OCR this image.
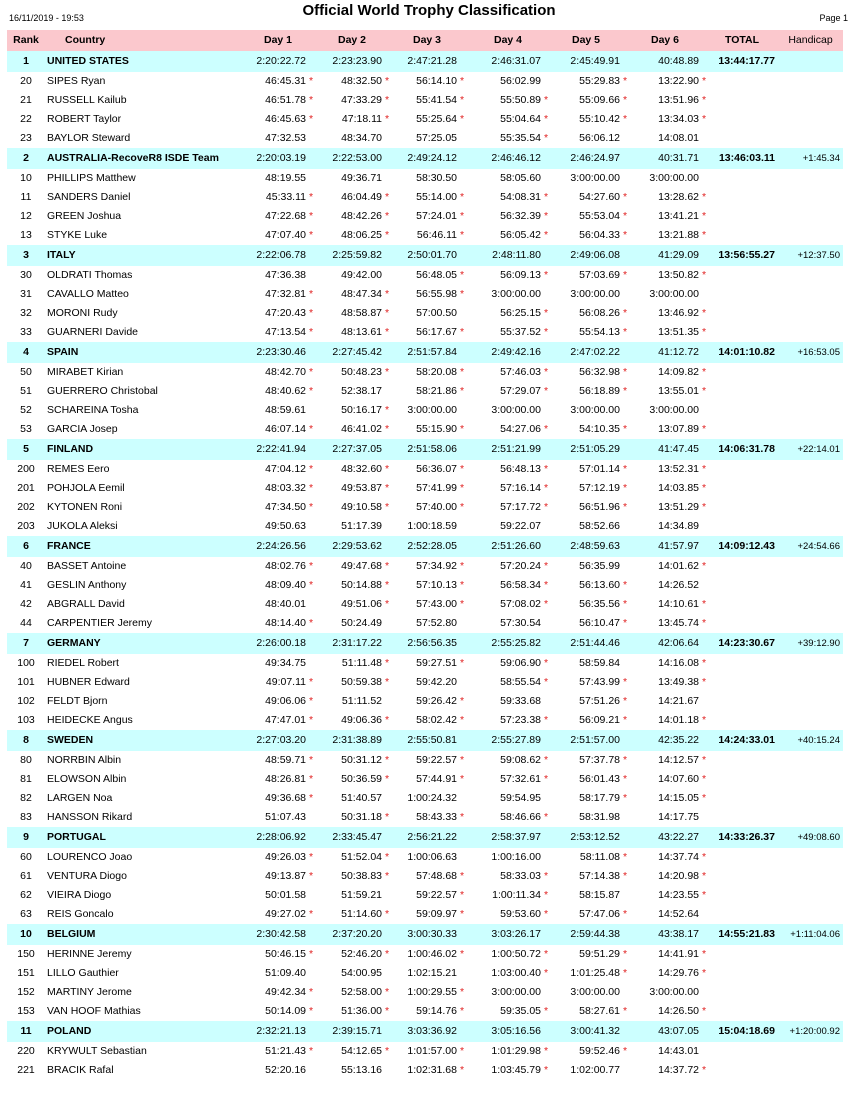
Official World Trophy Classification
16/11/2019 - 19:53	Page 1
Rank	Country	Day 1	Day 2	Day 3	Day 4	Day 5	Day 6	TOTAL	Handicap
1	UNITED STATES	2:20:22.72	2:23:23.90	2:47:21.28	2:46:31.07	2:45:49.91	40:48.89	13:44:17.77
20	SIPES Ryan	46:45.31 *	48:32.50 *	56:14.10 *	56:02.99	55:29.83 *	13:22.90 *
21	RUSSELL Kailub	46:51.78 *	47:33.29 *	55:41.54 *	55:50.89 *	55:09.66 *	13:51.96 *
22	ROBERT Taylor	46:45.63 *	47:18.11 *	55:25.64 *	55:04.64 *	55:10.42 *	13:34.03 *
23	BAYLOR Steward	47:32.53	48:34.70	57:25.05	55:35.54 *	56:06.12	14:08.01
2	AUSTRALIA-RecoveR8 ISDE Team	2:20:03.19	2:22:53.00	2:49:24.12	2:46:46.12	2:46:24.97	40:31.71	13:46:03.11	+1:45.34
10	PHILLIPS Matthew	48:19.55	49:36.71	58:30.50	58:05.60	3:00:00.00	3:00:00.00
11	SANDERS Daniel	45:33.11 *	46:04.49 *	55:14.00 *	54:08.31 *	54:27.60 *	13:28.62 *
12	GREEN Joshua	47:22.68 *	48:42.26 *	57:24.01 *	56:32.39 *	55:53.04 *	13:41.21 *
13	STYKE Luke	47:07.40 *	48:06.25 *	56:46.11 *	56:05.42 *	56:04.33 *	13:21.88 *
3	ITALY	2:22:06.78	2:25:59.82	2:50:01.70	2:48:11.80	2:49:06.08	41:29.09	13:56:55.27	+12:37.50
30	OLDRATI Thomas	47:36.38	49:42.00	56:48.05 *	56:09.13 *	57:03.69 *	13:50.82 *
31	CAVALLO Matteo	47:32.81 *	48:47.34 *	56:55.98 *	3:00:00.00	3:00:00.00	3:00:00.00
32	MORONI Rudy	47:20.43 *	48:58.87 *	57:00.50	56:25.15 *	56:08.26 *	13:46.92 *
33	GUARNERI Davide	47:13.54 *	48:13.61 *	56:17.67 *	55:37.52 *	55:54.13 *	13:51.35 *
4	SPAIN	2:23:30.46	2:27:45.42	2:51:57.84	2:49:42.16	2:47:02.22	41:12.72	14:01:10.82	+16:53.05
50	MIRABET Kirian	48:42.70 *	50:48.23 *	58:20.08 *	57:46.03 *	56:32.98 *	14:09.82 *
51	GUERRERO Christobal	48:40.62 *	52:38.17	58:21.86 *	57:29.07 *	56:18.89 *	13:55.01 *
52	SCHAREINA Tosha	48:59.61	50:16.17 *	3:00:00.00	3:00:00.00	3:00:00.00	3:00:00.00
53	GARCIA Josep	46:07.14 *	46:41.02 *	55:15.90 *	54:27.06 *	54:10.35 *	13:07.89 *
5	FINLAND	2:22:41.94	2:27:37.05	2:51:58.06	2:51:21.99	2:51:05.29	41:47.45	14:06:31.78	+22:14.01
200	REMES Eero	47:04.12 *	48:32.60 *	56:36.07 *	56:48.13 *	57:01.14 *	13:52.31 *
201	POHJOLA Eemil	48:03.32 *	49:53.87 *	57:41.99 *	57:16.14 *	57:12.19 *	14:03.85 *
202	KYTONEN Roni	47:34.50 *	49:10.58 *	57:40.00 *	57:17.72 *	56:51.96 *	13:51.29 *
203	JUKOLA Aleksi	49:50.63	51:17.39	1:00:18.59	59:22.07	58:52.66	14:34.89
6	FRANCE	2:24:26.56	2:29:53.62	2:52:28.05	2:51:26.60	2:48:59.63	41:57.97	14:09:12.43	+24:54.66
40	BASSET Antoine	48:02.76 *	49:47.68 *	57:34.92 *	57:20.24 *	56:35.99	14:01.62 *
41	GESLIN Anthony	48:09.40 *	50:14.88 *	57:10.13 *	56:58.34 *	56:13.60 *	14:26.52
42	ABGRALL David	48:40.01	49:51.06 *	57:43.00 *	57:08.02 *	56:35.56 *	14:10.61 *
44	CARPENTIER Jeremy	48:14.40 *	50:24.49	57:52.80	57:30.54	56:10.47 *	13:45.74 *
7	GERMANY	2:26:00.18	2:31:17.22	2:56:56.35	2:55:25.82	2:51:44.46	42:06.64	14:23:30.67	+39:12.90
100	RIEDEL Robert	49:34.75	51:11.48 *	59:27.51 *	59:06.90 *	58:59.84	14:16.08 *
101	HUBNER Edward	49:07.11 *	50:59.38 *	59:42.20	58:55.54 *	57:43.99 *	13:49.38 *
102	FELDT Bjorn	49:06.06 *	51:11.52	59:26.42 *	59:33.68	57:51.26 *	14:21.67
103	HEIDECKE Angus	47:47.01 *	49:06.36 *	58:02.42 *	57:23.38 *	56:09.21 *	14:01.18 *
8	SWEDEN	2:27:03.20	2:31:38.89	2:55:50.81	2:55:27.89	2:51:57.00	42:35.22	14:24:33.01	+40:15.24
80	NORRBIN Albin	48:59.71 *	50:31.12 *	59:22.57 *	59:08.62 *	57:37.78 *	14:12.57 *
81	ELOWSON Albin	48:26.81 *	50:36.59 *	57:44.91 *	57:32.61 *	56:01.43 *	14:07.60 *
82	LARGEN Noa	49:36.68 *	51:40.57	1:00:24.32	59:54.95	58:17.79 *	14:15.05 *
83	HANSSON Rikard	51:07.43	50:31.18 *	58:43.33 *	58:46.66 *	58:31.98	14:17.75
9	PORTUGAL	2:28:06.92	2:33:45.47	2:56:21.22	2:58:37.97	2:53:12.52	43:22.27	14:33:26.37	+49:08.60
60	LOURENCO Joao	49:26.03 *	51:52.04 *	1:00:06.63	1:00:16.00	58:11.08 *	14:37.74 *
61	VENTURA Diogo	49:13.87 *	50:38.83 *	57:48.68 *	58:33.03 *	57:14.38 *	14:20.98 *
62	VIEIRA Diogo	50:01.58	51:59.21	59:22.57 *	1:00:11.34 *	58:15.87	14:23.55 *
63	REIS Goncalo	49:27.02 *	51:14.60 *	59:09.97 *	59:53.60 *	57:47.06 *	14:52.64
10	BELGIUM	2:30:42.58	2:37:20.20	3:00:30.33	3:03:26.17	2:59:44.38	43:38.17	14:55:21.83	+1:11:04.06
150	HERINNE Jeremy	50:46.15 *	52:46.20 *	1:00:46.02 *	1:00:50.72 *	59:51.29 *	14:41.91 *
151	LILLO Gauthier	51:09.40	54:00.95	1:02:15.21	1:03:00.40 *	1:01:25.48 *	14:29.76 *
152	MARTINY Jerome	49:42.34 *	52:58.00 *	1:00:29.55 *	3:00:00.00	3:00:00.00	3:00:00.00
153	VAN HOOF Mathias	50:14.09 *	51:36.00 *	59:14.76 *	59:35.05 *	58:27.61 *	14:26.50 *
11	POLAND	2:32:21.13	2:39:15.71	3:03:36.92	3:05:16.56	3:00:41.32	43:07.05	15:04:18.69	+1:20:00.92
220	KRYWULT Sebastian	51:21.43 *	54:12.65 *	1:01:57.00 *	1:01:29.98 *	59:52.46 *	14:43.01
221	BRACIK Rafal	52:20.16	55:13.16	1:02:31.68 *	1:03:45.79 *	1:02:00.77	14:37.72 *
